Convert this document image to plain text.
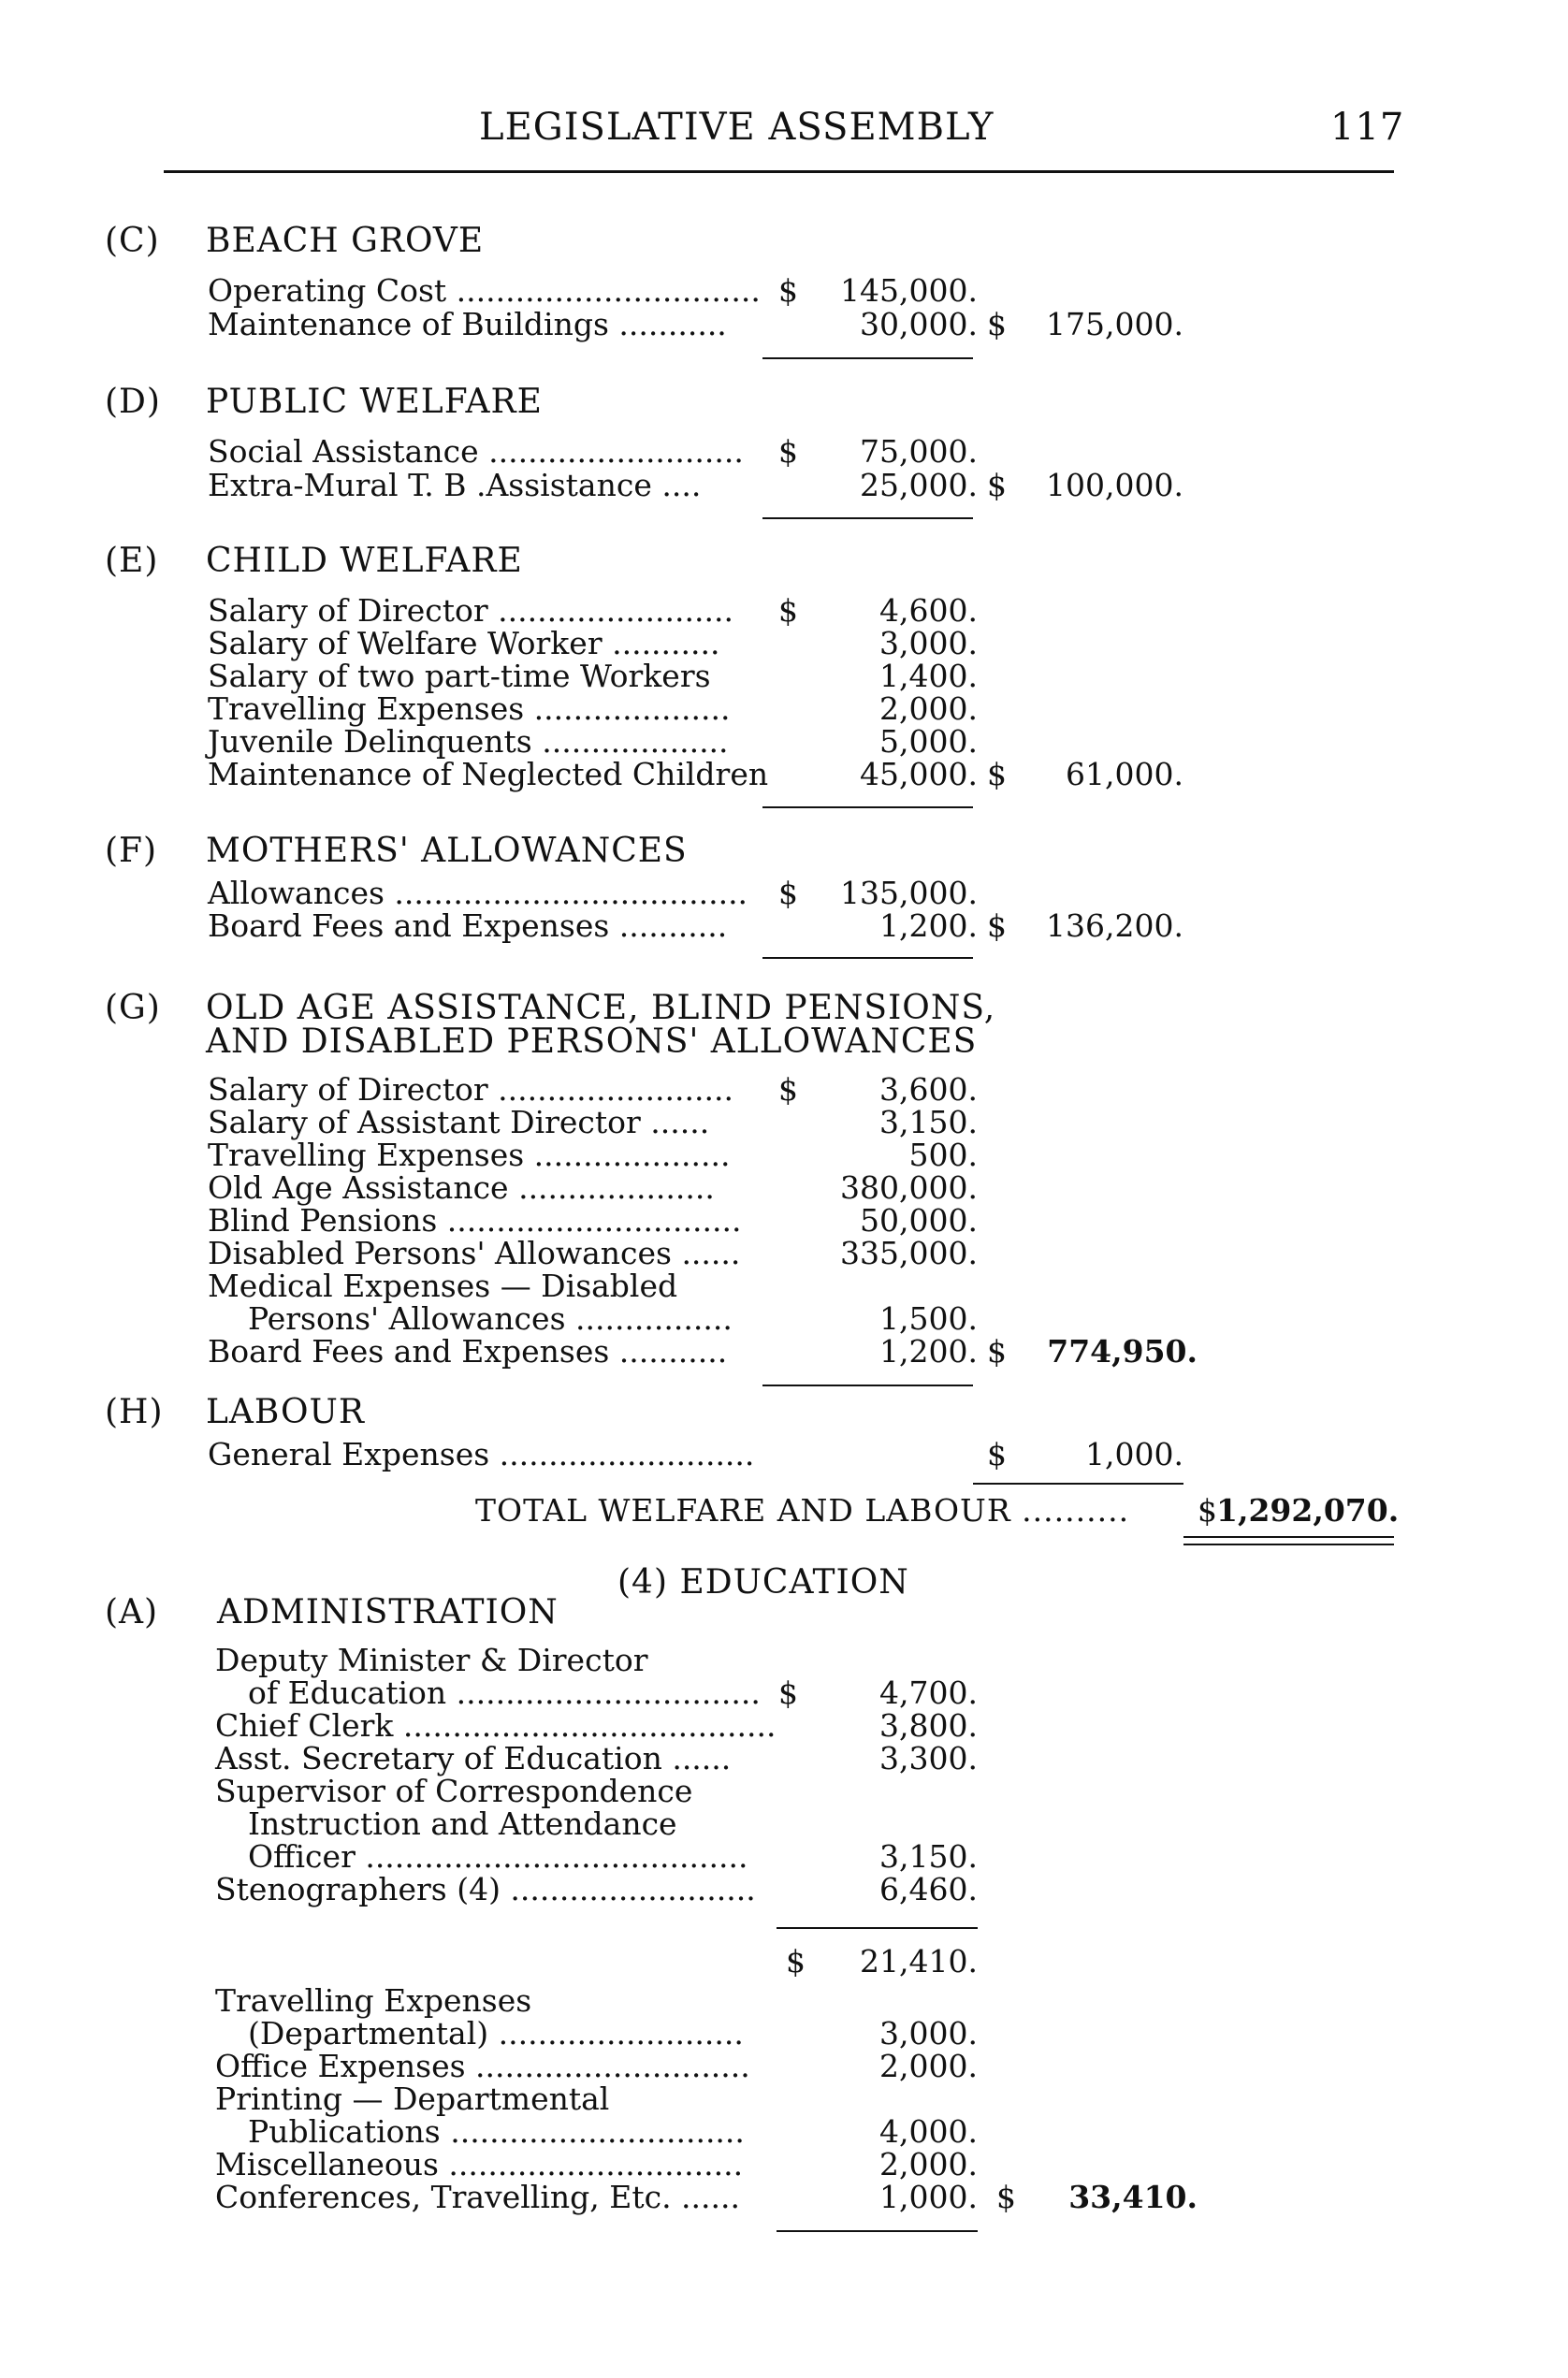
LEGISLATIVE ASSEMBLY	117
(C) BEACH GROVE
Operating Cost ............................... $	145,000.
Maintenance of Buildings ...........	30,000. $	175,000.
(D) PUBLIC WELFARE
Social Assistance .......................... $	75,000.
Extra-Mural T. B .Assistance ....	25,000. $	100,000.
(E) CHILD WELFARE
Salary of Director ........................ $	4,600.
Salary of Welfare Worker ...........	3,000.
Salary of two part-time Workers	1,400.
Travelling Expenses ....................	2,000.
Juvenile Delinquents ...................	5,000.
Maintenance of Neglected Children	45,000. $	61,000.
(F) MOTHERS' ALLOWANCES
Allowances .................................... $	135,000.
Board Fees and Expenses ...........	1,200. $	136,200.
(G) OLD AGE ASSISTANCE, BLIND PENSIONS,
AND DISABLED PERSONS' ALLOWANCES
Salary of Director ........................ $	3,600.
Salary of Assistant Director ......	3,150.
Travelling Expenses ....................	500.
Old Age Assistance ....................	380,000.
Blind Pensions ..............................	50,000.
Disabled Persons' Allowances ......	335,000.
Medical Expenses — Disabled
Persons' Allowances ................	1,500.
Board Fees and Expenses ...........	1,200. $	774,950.
(H) LABOUR
General Expenses ..........................	$	1,000.
TOTAL WELFARE AND LABOUR .......... $ 1,292,070.
(4) EDUCATION
(A) ADMINISTRATION
Deputy Minister & Director
of Education ............................... $	4,700.
Chief Clerk ......................................	3,800.
Asst. Secretary of Education ......	3,300.
Supervisor of Correspondence
Instruction and Attendance
Officer .......................................	3,150.
Stenographers (4) .........................	6,460.
$	21,410.
Travelling Expenses
(Departmental) .........................	3,000.
Office Expenses ............................	2,000.
Printing — Departmental
Publications ..............................	4,000.
Miscellaneous ..............................	2,000.
Conferences, Travelling, Etc. ......	1,000. $	33,410.
